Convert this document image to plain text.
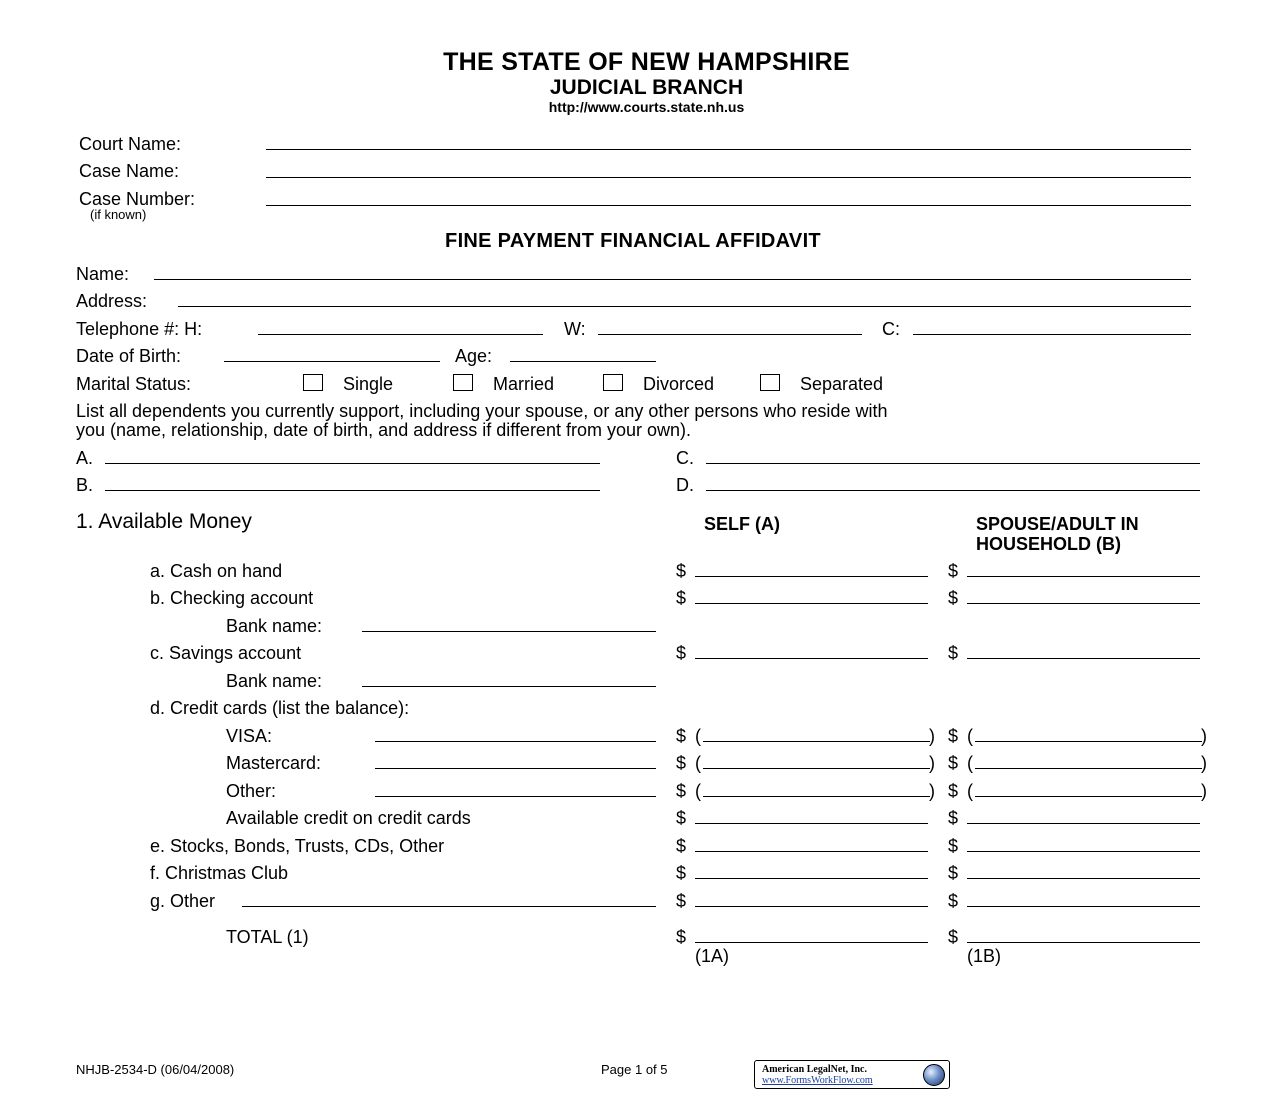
THE STATE OF NEW HAMPSHIRE
JUDICIAL BRANCH
http://www.courts.state.nh.us
Court Name:
Case Name:
Case Number:
(if known)
FINE PAYMENT FINANCIAL AFFIDAVIT
Name:
Address:
Telephone #: H:	W:	C:
Date of Birth:	Age:
Marital Status:	Single	Married	Divorced	Separated
List all dependents you currently support, including your spouse, or any other persons who reside with
you (name, relationship, date of birth, and address if different from your own).
A.	C.
B.	D.
1. Available Money	SELF (A)	SPOUSE/ADULT IN
HOUSEHOLD (B)
a. Cash on hand	$	$
b. Checking account	$	$
Bank name:
c. Savings account	$	$
Bank name:
d. Credit cards (list the balance):
VISA:	$ (	) $ (	)
Mastercard:	$ (	) $ (	)
Other:	$ (	) $ (	)
Available credit on credit cards	$	$
e. Stocks, Bonds, Trusts, CDs, Other	$	$
f. Christmas Club	$	$
g. Other	$	$
TOTAL (1)	$	$
(1A)	(1B)
NHJB-2534-D (06/04/2008)	Page 1 of 5	American LegalNet, Inc.
www.FormsWorkFlow.com
